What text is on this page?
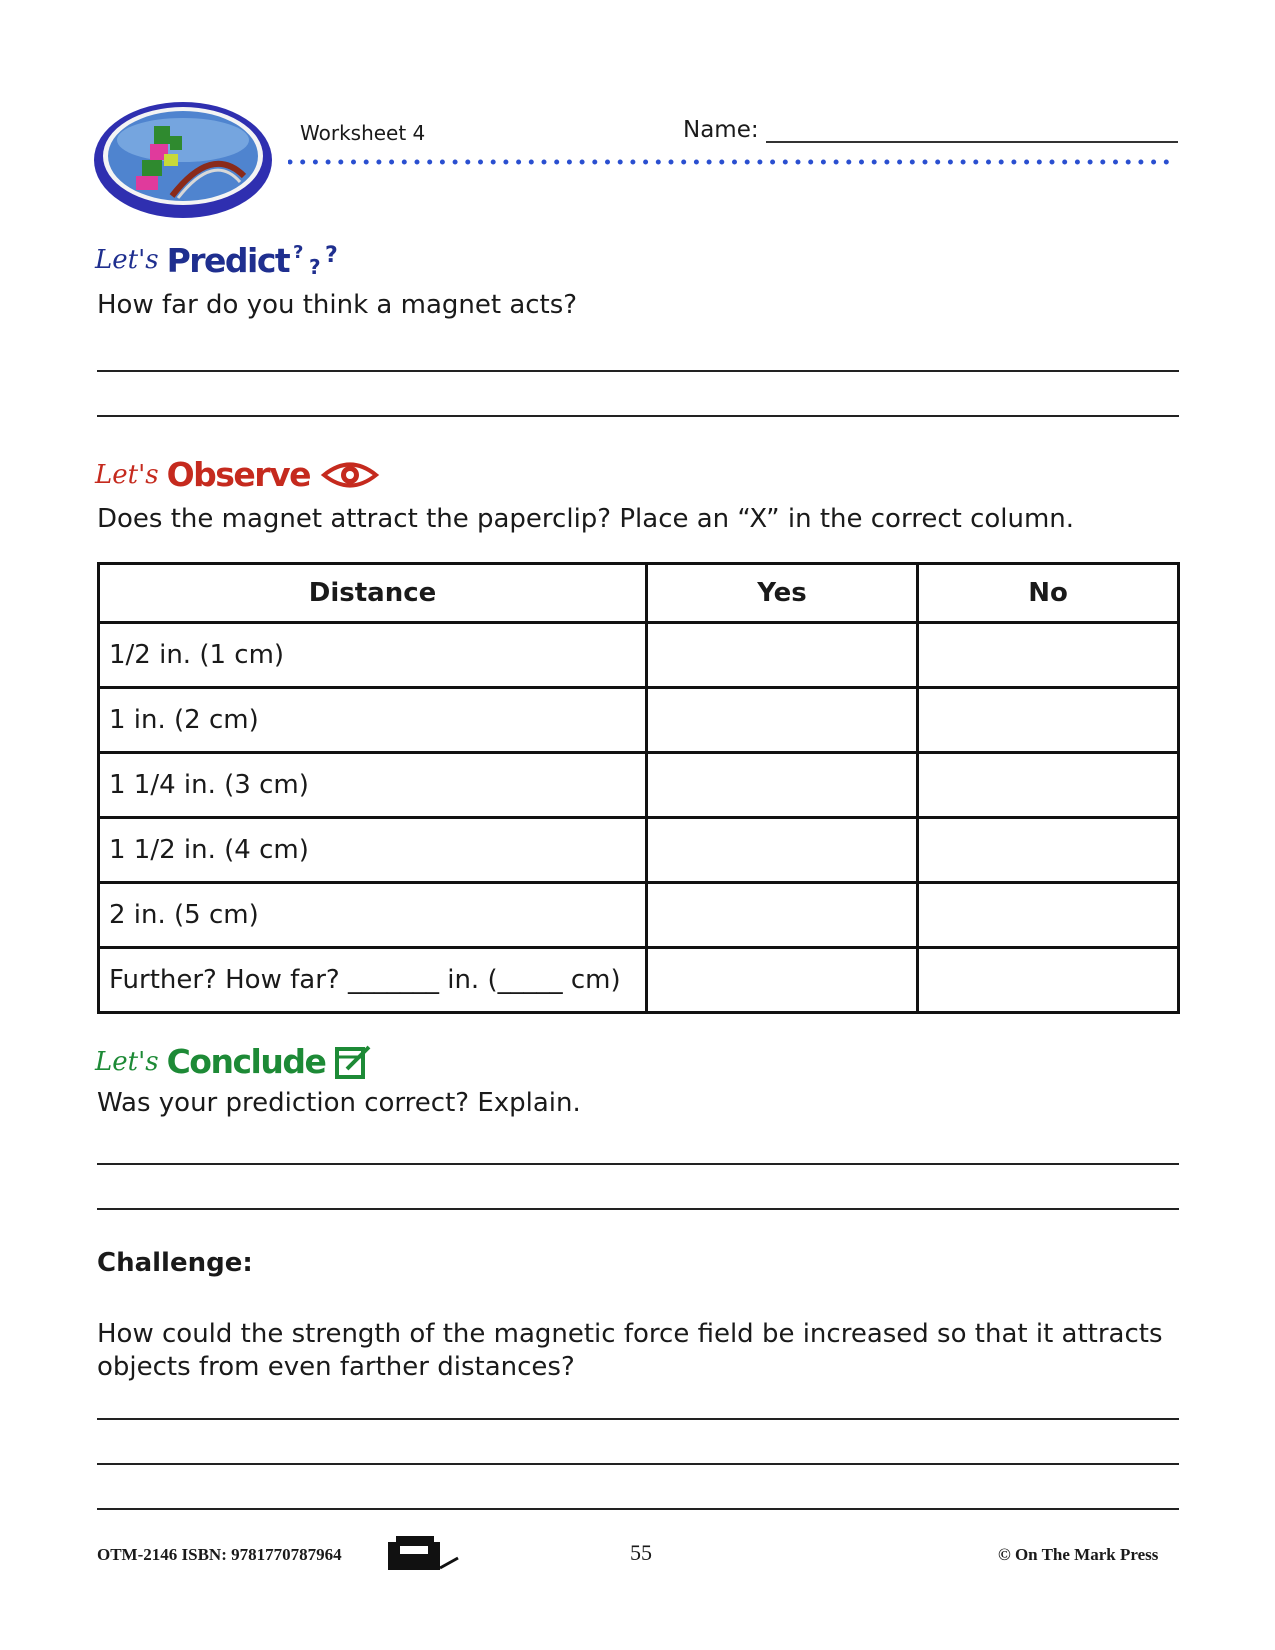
Worksheet 4	Name:
Let's Predict ?
? ?
How far do you think a magnet acts?
Let's Observe
Does the magnet attract the paperclip? Place an “X” in the correct column.
Distance	Yes	No
1/2 in. (1 cm)		
1 in. (2 cm)		
1 1/4 in. (3 cm)		
1 1/2 in. (4 cm)		
2 in. (5 cm)		
Further? How far? _______ in. (_____ cm)		
Let's Conclude
Was your prediction correct? Explain.
Challenge:
How could the strength of the magnetic force field be increased so that it attracts objects from even farther distances?
OTM-2146 ISBN: 9781770787964	55	© On The Mark Press
